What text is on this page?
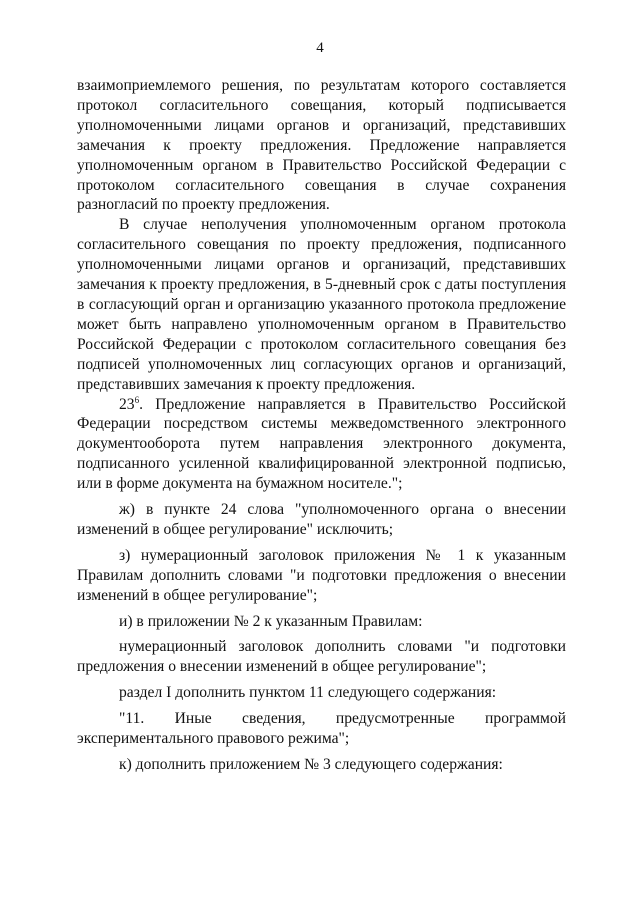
4

взаимоприемлемого решения, по результатам которого составляется протокол согласительного совещания, который подписывается уполномоченными лицами органов и организаций, представивших замечания к проекту предложения. Предложение направляется уполномоченным органом в Правительство Российской Федерации с протоколом согласительного совещания в случае сохранения разногласий по проекту предложения.

В случае неполучения уполномоченным органом протокола согласительного совещания по проекту предложения, подписанного уполномоченными лицами органов и организаций, представивших замечания к проекту предложения, в 5-дневный срок с даты поступления в согласующий орган и организацию указанного протокола предложение может быть направлено уполномоченным органом в Правительство Российской Федерации с протоколом согласительного совещания без подписей уполномоченных лиц согласующих органов и организаций, представивших замечания к проекту предложения.

$23^6$. Предложение направляется в Правительство Российской Федерации посредством системы межведомственного электронного документооборота путем направления электронного документа, подписанного усиленной квалифицированной электронной подписью, или в форме документа на бумажном носителе.";

ж) в пункте 24 слова "уполномоченного органа о внесении изменений в общее регулирование" исключить;

з) нумерационный заголовок приложения № 1 к указанным Правилам дополнить словами "и подготовки предложения о внесении изменений в общее регулирование";

и) в приложении № 2 к указанным Правилам:

нумерационный заголовок дополнить словами "и подготовки предложения о внесении изменений в общее регулирование";

раздел I дополнить пунктом 11 следующего содержания:

"11. Иные сведения, предусмотренные программой экспериментального правового режима";

к) дополнить приложением № 3 следующего содержания:
